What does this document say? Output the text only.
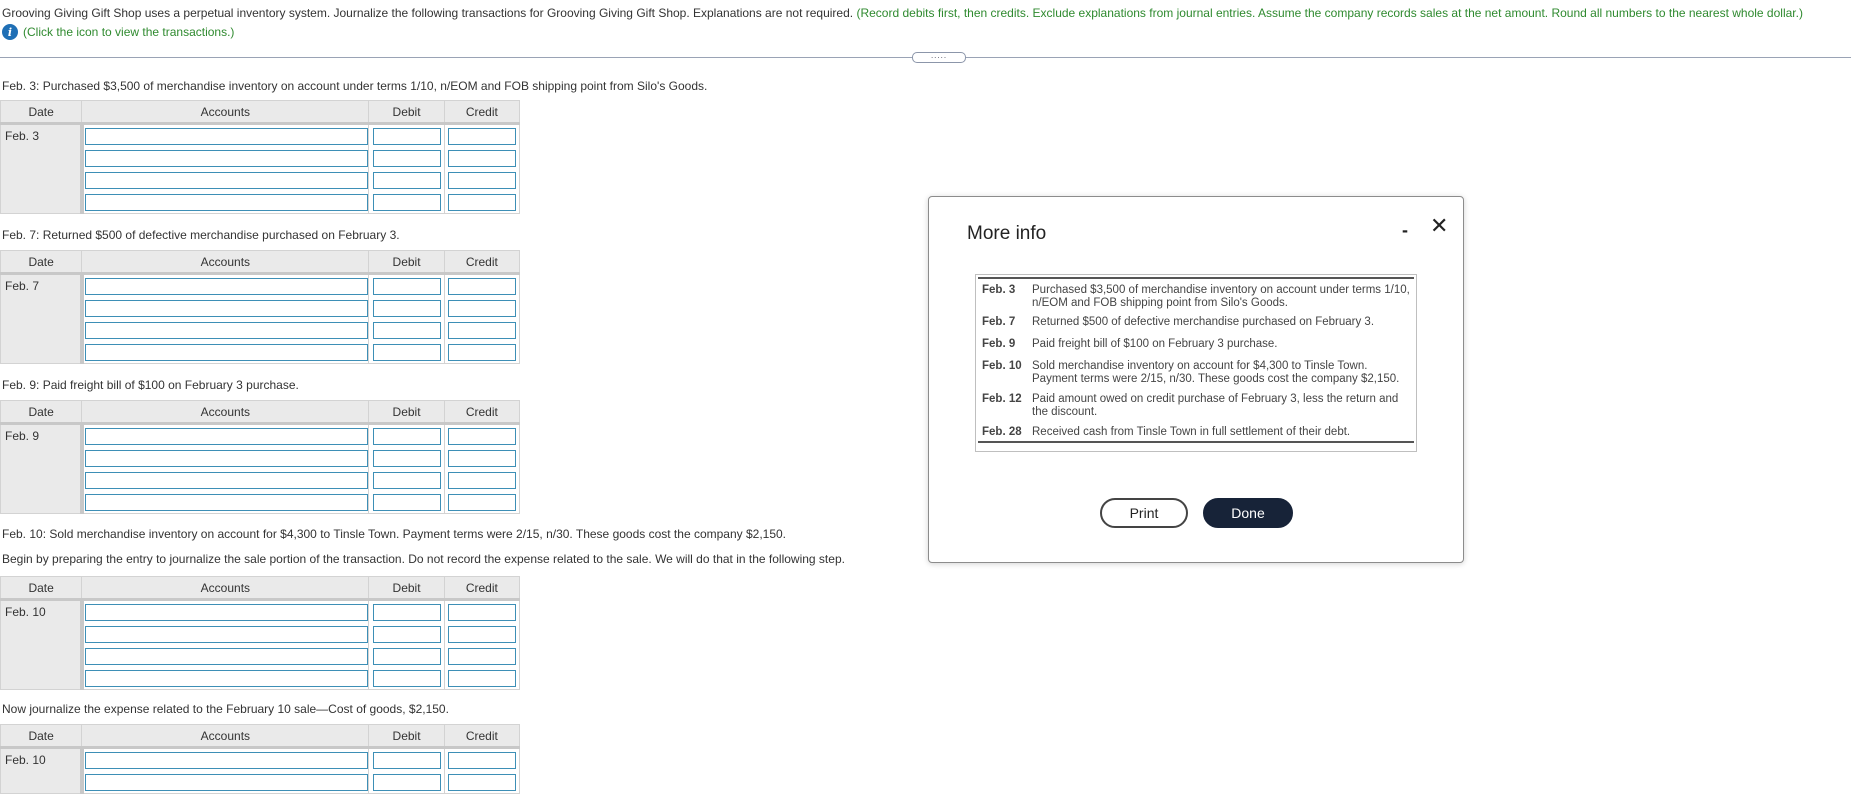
Grooving Giving Gift Shop uses a perpetual inventory system. Journalize the following transactions for Grooving Giving Gift Shop. Explanations are not required. (Record debits first, then credits. Exclude explanations from journal entries. Assume the company records sales at the net amount. Round all numbers to the nearest whole dollar.)
i (Click the icon to view the transactions.)
.....
Feb. 3: Purchased $3,500 of merchandise inventory on account under terms 1/10, n/EOM and FOB shipping point from Silo's Goods.
Date	Accounts	Debit	Credit
Feb. 3	

Feb. 7: Returned $500 of defective merchandise purchased on February 3.
Date	Accounts	Debit	Credit
Feb. 7	

Feb. 9: Paid freight bill of $100 on February 3 purchase.
Date	Accounts	Debit	Credit
Feb. 9	

Feb. 10: Sold merchandise inventory on account for $4,300 to Tinsle Town. Payment terms were 2/15, n/30. These goods cost the company $2,150.
Begin by preparing the entry to journalize the sale portion of the transaction. Do not record the expense related to the sale. We will do that in the following step.
Date	Accounts	Debit	Credit
Feb. 10	

Now journalize the expense related to the February 10 sale—Cost of goods, $2,150.
Date	Accounts	Debit	Credit
Feb. 10	

More info	- ✕
Feb. 3	Purchased $3,500 of merchandise inventory on account under terms 1/10, n/EOM and FOB shipping point from Silo's Goods.
Feb. 7	Returned $500 of defective merchandise purchased on February 3.
Feb. 9	Paid freight bill of $100 on February 3 purchase.
Feb. 10 Sold merchandise inventory on account for $4,300 to Tinsle Town. Payment terms were 2/15, n/30. These goods cost the company $2,150.
Feb. 12 Paid amount owed on credit purchase of February 3, less the return and the discount.
Feb. 28 Received cash from Tinsle Town in full settlement of their debt.
Print	Done
